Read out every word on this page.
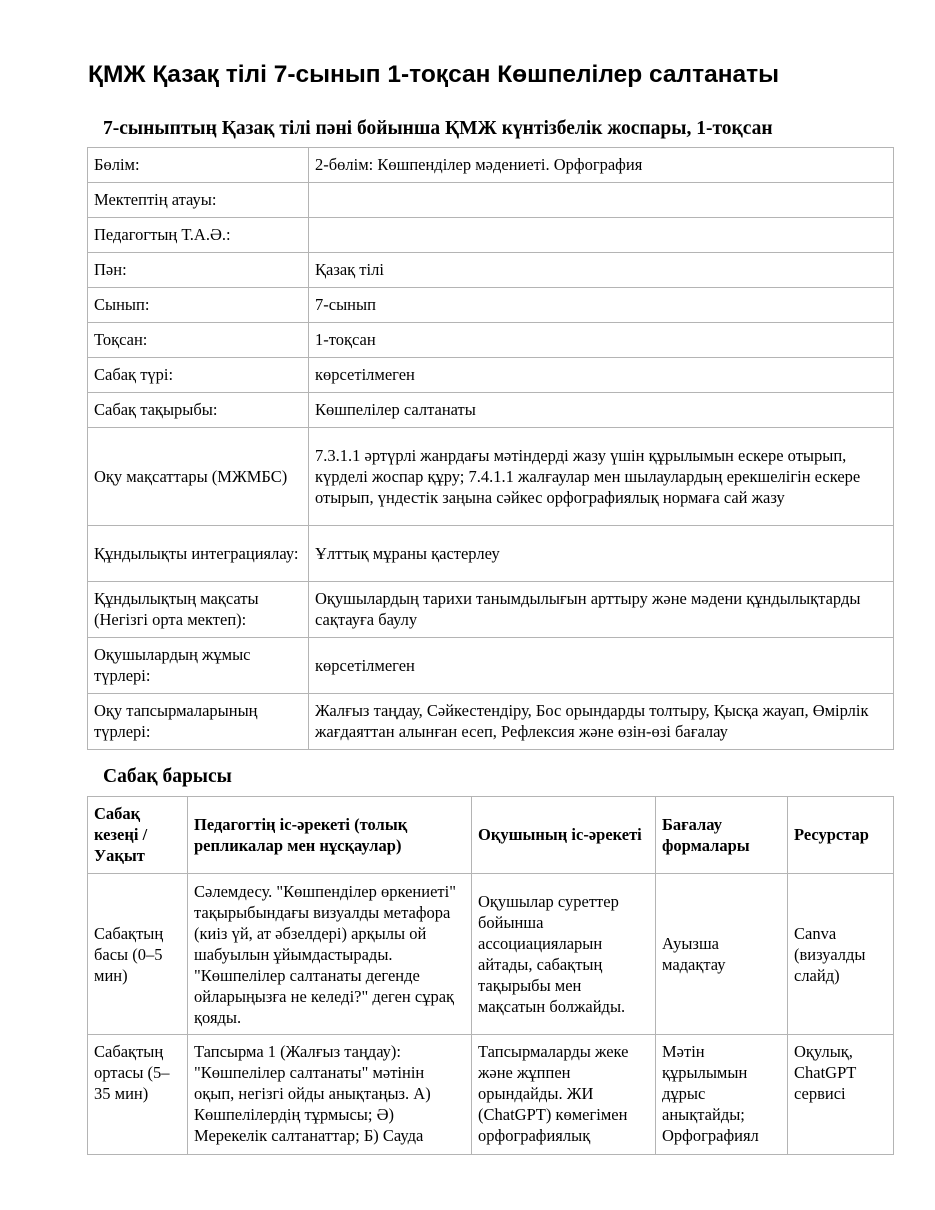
ҚМЖ Қазақ тілі 7-сынып 1-тоқсан Көшпелілер салтанаты
7-сыныптың Қазақ тілі пәні бойынша ҚМЖ күнтізбелік жоспары, 1-тоқсан
Бөлім:	2-бөлім: Көшпенділер мәдениеті. Орфография
Мектептің атауы:	
Педагогтың Т.А.Ә.:	
Пән:	Қазақ тілі
Сынып:	7-сынып
Тоқсан:	1-тоқсан
Сабақ түрі:	көрсетілмеген
Сабақ тақырыбы:	Көшпелілер салтанаты
Оқу мақсаттары (МЖМБС)	7.3.1.1 әртүрлі жанрдағы мәтіндерді жазу үшін құрылымын ескере отырып, күрделі жоспар құру; 7.4.1.1 жалғаулар мен шылаулардың ерекшелігін ескере отырып, үндестік заңына сәйкес орфографиялық нормаға сай жазу
Құндылықты интеграциялау:	Ұлттық мұраны қастерлеу
Құндылықтың мақсаты (Негізгі орта мектеп):	Оқушылардың тарихи танымдылығын арттыру және мәдени құндылықтарды сақтауға баулу
Оқушылардың жұмыс түрлері:	көрсетілмеген
Оқу тапсырмаларының түрлері:	Жалғыз таңдау, Сәйкестендіру, Бос орындарды толтыру, Қысқа жауап, Өмірлік жағдаяттан алынған есеп, Рефлексия және өзін-өзі бағалау
Сабақ барысы
Сабақ кезеңі / Уақыт	Педагогтің іс-әрекеті (толық репликалар мен нұсқаулар)	Оқушының іс-әрекеті	Бағалау формалары	Ресурстар
Сабақтың басы (0–5 мин)	Сәлемдесу. "Көшпенділер өркениеті" тақырыбындағы визуалды метафора (киіз үй, ат әбзелдері) арқылы ой шабуылын ұйымдастырады. "Көшпелілер салтанаты дегенде ойларыңызға не келеді?" деген сұрақ қояды.	Оқушылар суреттер бойынша ассоциацияларын айтады, сабақтың тақырыбы мен мақсатын болжайды.	Ауызша мадақтау	Canva (визуалды слайд)
Сабақтың ортасы (5–35 мин)	Тапсырма 1 (Жалғыз таңдау): "Көшпелілер салтанаты" мәтінін оқып, негізгі ойды анықтаңыз. А) Көшпелілердің тұрмысы; Ә) Мерекелік салтанаттар; Б) Сауда	Тапсырмаларды жеке және жұппен орындайды. ЖИ (ChatGPT) көмегімен орфографиялық	Мәтін құрылымын дұрыс анықтайды; Орфографиял	Оқулық, ChatGPT сервисі
